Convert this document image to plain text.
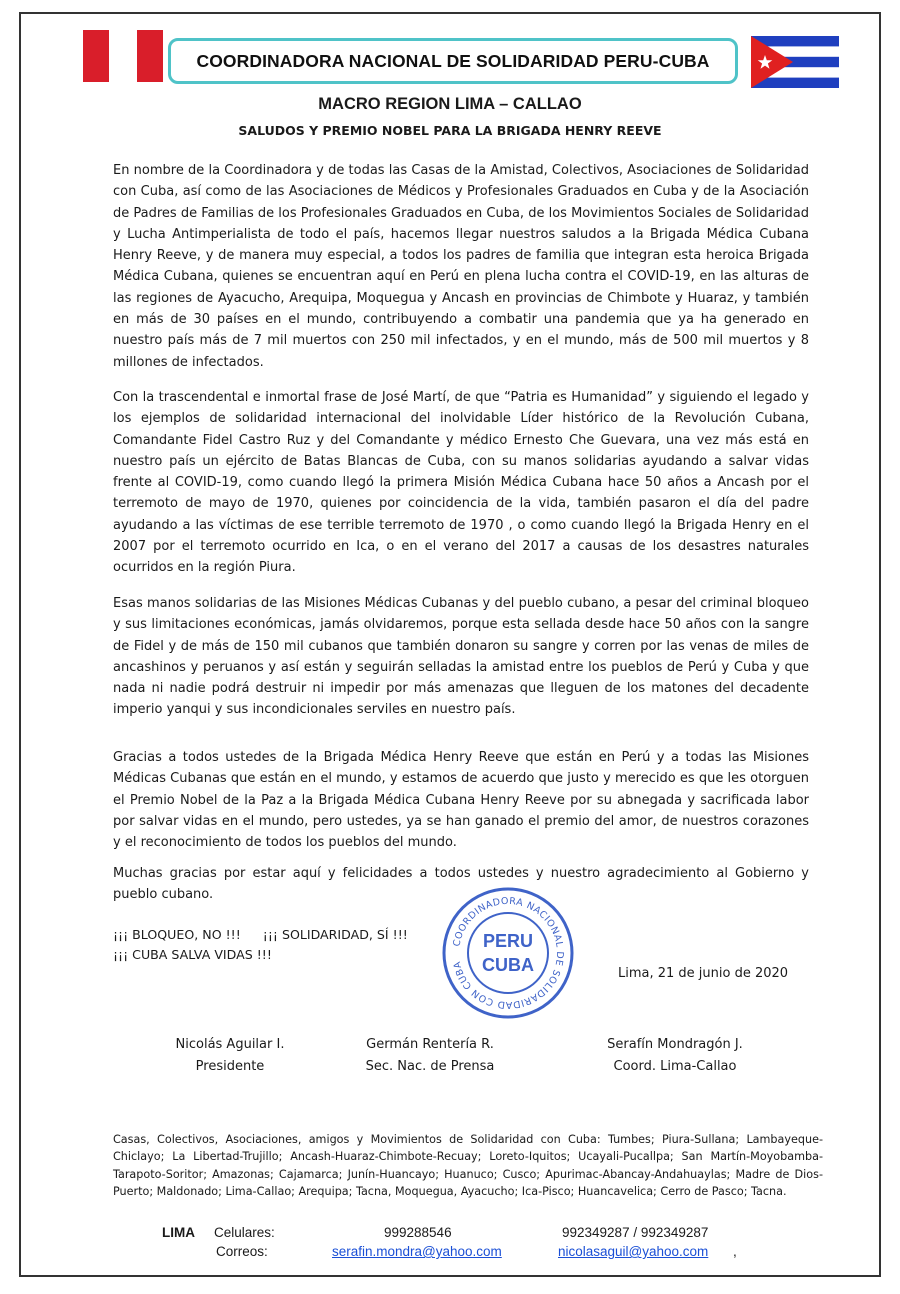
COORDINADORA NACIONAL DE SOLIDARIDAD PERU-CUBA
MACRO REGION LIMA – CALLAO
SALUDOS Y PREMIO NOBEL PARA LA BRIGADA HENRY REEVE

En nombre de la Coordinadora y de todas las Casas de la Amistad, Colectivos, Asociaciones de Solidaridad con Cuba, así como de las Asociaciones de Médicos y Profesionales Graduados en Cuba y de la Asociación de Padres de Familias de los Profesionales Graduados en Cuba, de los Movimientos Sociales de Solidaridad y Lucha Antimperialista de todo el país, hacemos llegar nuestros saludos a la Brigada Médica Cubana Henry Reeve, y de manera muy especial, a todos los padres de familia que integran esta heroica Brigada Médica Cubana, quienes se encuentran aquí en Perú en plena lucha contra el COVID-19, en las alturas de las regiones de Ayacucho, Arequipa, Moquegua y Ancash en provincias de Chimbote y Huaraz, y también en más de 30 países en el mundo, contribuyendo a combatir una pandemia que ya ha generado en nuestro país más de 7 mil muertos con 250 mil infectados, y en el mundo, más de 500 mil muertos y 8 millones de infectados.

Con la trascendental e inmortal frase de José Martí, de que “Patria es Humanidad” y siguiendo el legado y los ejemplos de solidaridad internacional del inolvidable Líder histórico de la Revolución Cubana, Comandante Fidel Castro Ruz y del Comandante y médico Ernesto Che Guevara, una vez más está en nuestro país un ejército de Batas Blancas de Cuba, con su manos solidarias ayudando a salvar vidas frente al COVID-19, como cuando llegó la primera Misión Médica Cubana hace 50 años a Ancash por el terremoto de mayo de 1970, quienes por coincidencia de la vida, también pasaron el día del padre ayudando a las víctimas de ese terrible terremoto de 1970 , o como cuando llegó la Brigada Henry en el 2007 por el terremoto ocurrido en Ica, o en el verano del 2017 a causas de los desastres naturales ocurridos en la región Piura.

Esas manos solidarias de las Misiones Médicas Cubanas y del pueblo cubano, a pesar del criminal bloqueo y sus limitaciones económicas, jamás olvidaremos, porque esta sellada desde hace 50 años con la sangre de Fidel y de más de 150 mil cubanos que también donaron su sangre y corren por las venas de miles de ancashinos y peruanos y así están y seguirán selladas la amistad entre los pueblos de Perú y Cuba y que nada ni nadie podrá destruir ni impedir por más amenazas que lleguen de los matones del decadente imperio yanqui y sus incondicionales serviles en nuestro país.

Gracias a todos ustedes de la Brigada Médica Henry Reeve que están en Perú y a todas las Misiones Médicas Cubanas que están en el mundo, y estamos de acuerdo que justo y merecido es que les otorguen el Premio Nobel de la Paz a la Brigada Médica Cubana Henry Reeve por su abnegada y sacrificada labor por salvar vidas en el mundo, pero ustedes, ya se han ganado el premio del amor, de nuestros corazones y el reconocimiento de todos los pueblos del mundo.

Muchas gracias por estar aquí y felicidades a todos ustedes y nuestro agradecimiento al Gobierno y pueblo cubano.

¡¡¡ BLOQUEO, NO !!! ¡¡¡ SOLIDARIDAD, SÍ !!!
¡¡¡ CUBA SALVA VIDAS !!!
COORDINADORA NACIONAL DE SOLIDARIDAD CON CUBA
PERU
CUBA	Lima, 21 de junio de 2020
Nicolás Aguilar I.
Presidente
Germán Rentería R.
Sec. Nac. de Prensa
Serafín Mondragón J.
Coord. Lima-Callao

Casas, Colectivos, Asociaciones, amigos y Movimientos de Solidaridad con Cuba: Tumbes; Piura-Sullana; Lambayeque-Chiclayo; La Libertad-Trujillo; Ancash-Huaraz-Chimbote-Recuay; Loreto-Iquitos; Ucayali-Pucallpa; San Martín-Moyobamba-Tarapoto-Soritor; Amazonas; Cajamarca; Junín-Huancayo; Huanuco; Cusco; Apurimac-Abancay-Andahuaylas; Madre de Dios-Puerto; Maldonado; Lima-Callao; Arequipa; Tacna, Moquegua, Ayacucho; Ica-Pisco; Huancavelica; Cerro de Pasco; Tacna.

LIMA Celulares:	999288546	992349287 / 992349287
Correos:	serafin.mondra@yahoo.com	nicolasaguil@yahoo.com ,
